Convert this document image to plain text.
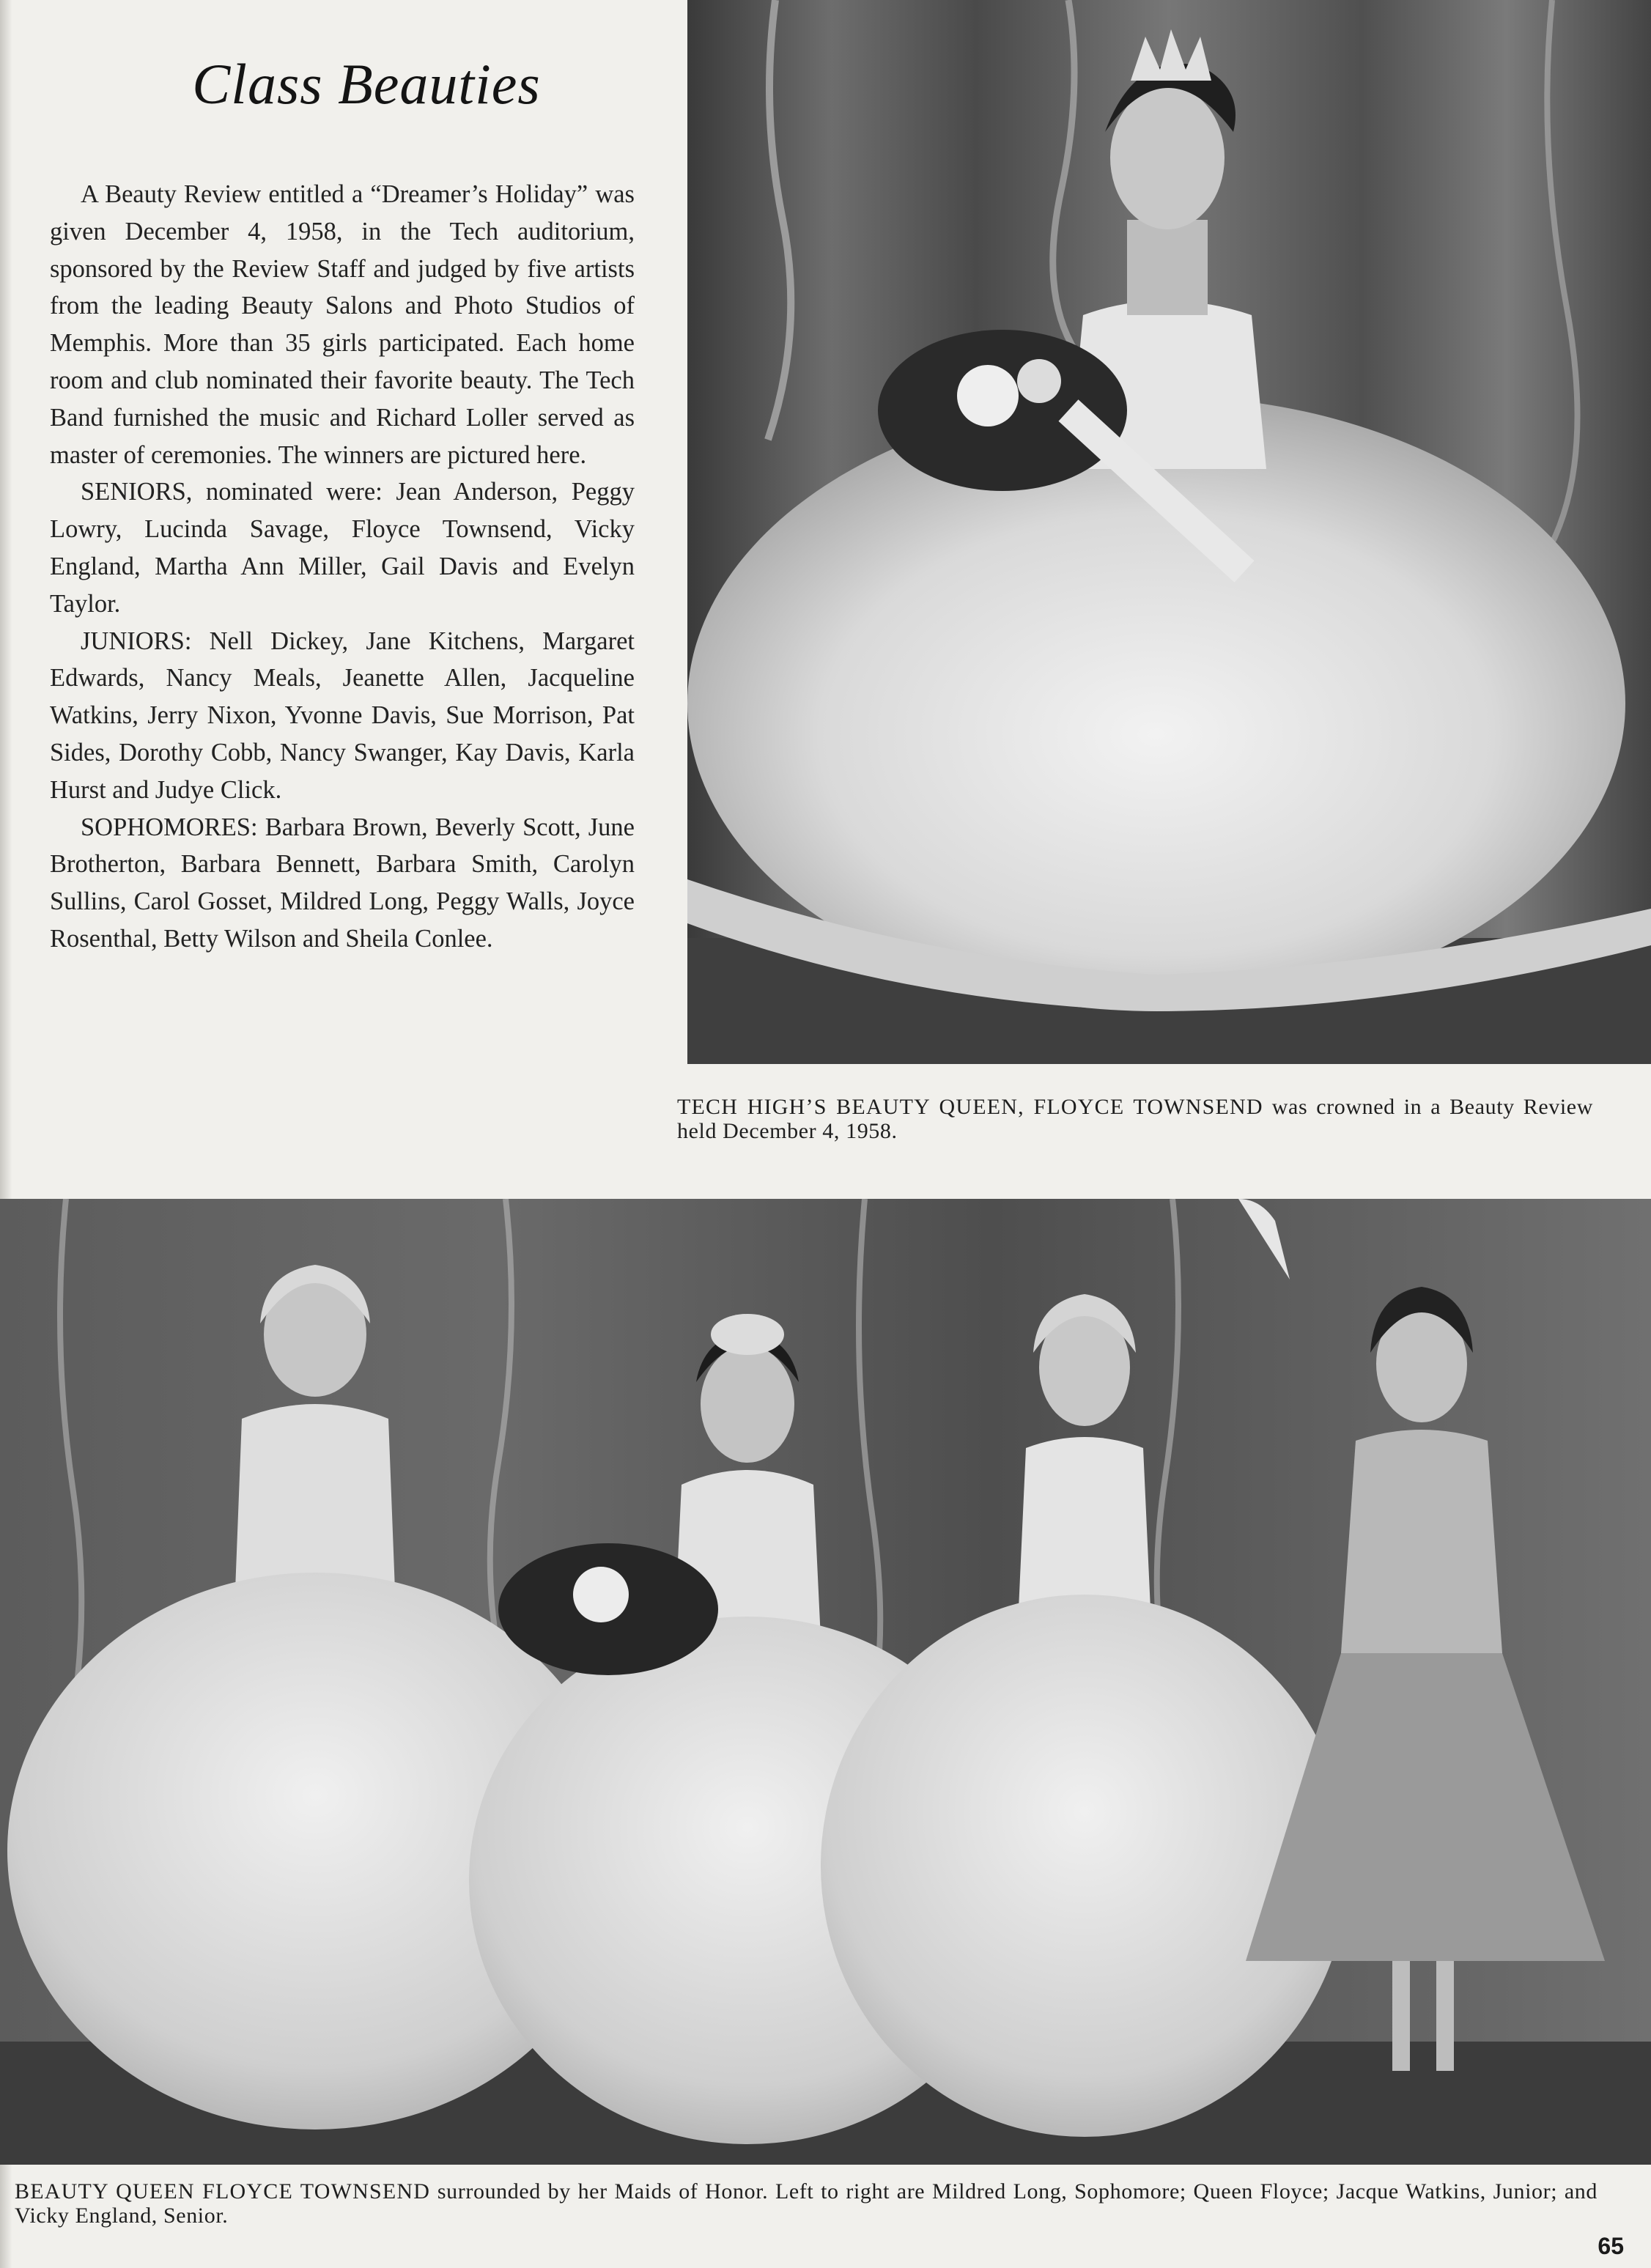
Class Beauties

A Beauty Review entitled a “Dreamer’s Holiday” was given December 4, 1958, in the Tech auditorium, sponsored by the Review Staff and judged by five artists from the leading Beauty Salons and Photo Studios of Memphis. More than 35 girls participated. Each home room and club nominated their favorite beauty. The Tech Band furnished the music and Richard Loller served as master of ceremonies. The winners are pictured here.

SENIORS, nominated were: Jean Anderson, Peggy Lowry, Lucinda Savage, Floyce Townsend, Vicky England, Martha Ann Miller, Gail Davis and Evelyn Taylor.

JUNIORS: Nell Dickey, Jane Kitchens, Margaret Edwards, Nancy Meals, Jeanette Allen, Jacqueline Watkins, Jerry Nixon, Yvonne Davis, Sue Morrison, Pat Sides, Dorothy Cobb, Nancy Swanger, Kay Davis, Karla Hurst and Judye Click.

SOPHOMORES: Barbara Brown, Beverly Scott, June Brotherton, Barbara Bennett, Barbara Smith, Carolyn Sullins, Carol Gosset, Mildred Long, Peggy Walls, Joyce Rosenthal, Betty Wilson and Sheila Conlee.

TECH HIGH’S BEAUTY QUEEN, FLOYCE TOWNSEND was crowned in a Beauty Review held December 4, 1958.
BEAUTY QUEEN FLOYCE TOWNSEND surrounded by her Maids of Honor. Left to right are Mildred Long, Sophomore; Queen Floyce; Jacque Watkins, Junior; and Vicky England, Senior.
65
